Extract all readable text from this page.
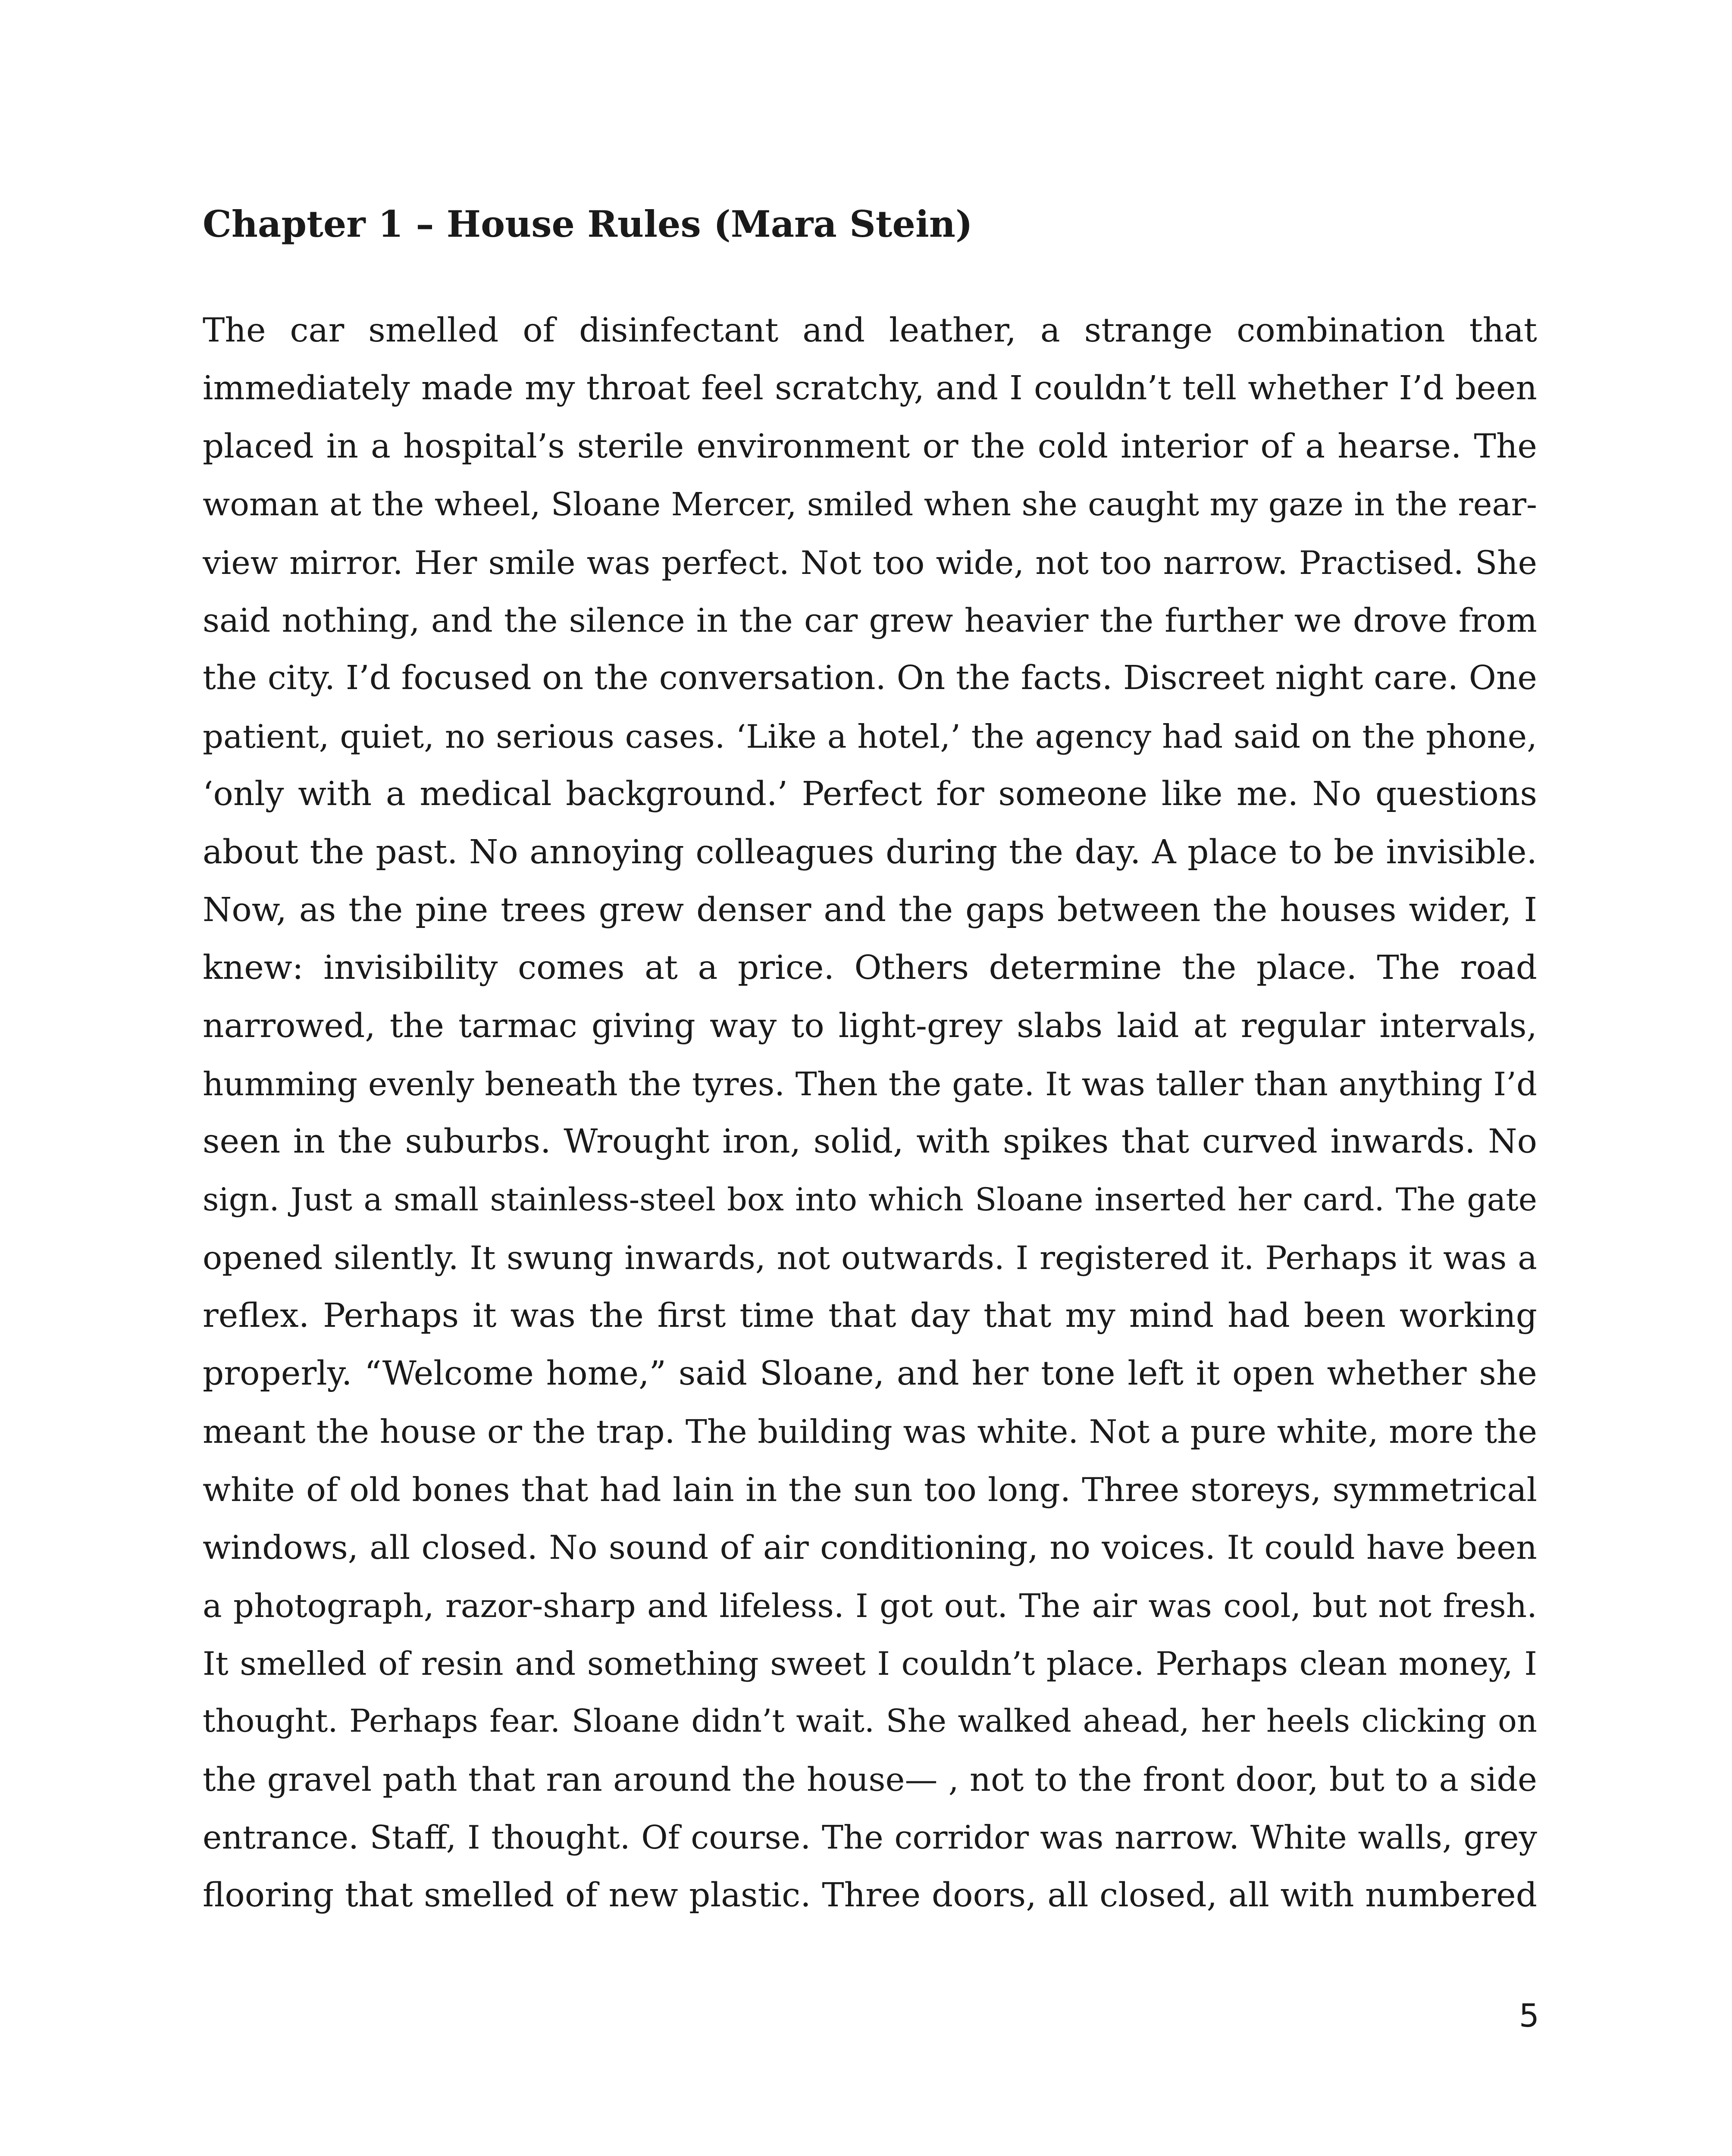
Chapter 1 – House Rules (Mara Stein)
The car smelled of disinfectant and leather, a strange combination that
immediately made my throat feel scratchy, and I couldn’t tell whether I’d been
placed in a hospital’s sterile environment or the cold interior of a hearse. The
woman at the wheel, Sloane Mercer, smiled when she caught my gaze in the rear-
view mirror. Her smile was perfect. Not too wide, not too narrow. Practised. She
said nothing, and the silence in the car grew heavier the further we drove from
the city. I’d focused on the conversation. On the facts. Discreet night care. One
patient, quiet, no serious cases. ‘Like a hotel,’ the agency had said on the phone,
‘only with a medical background.’ Perfect for someone like me. No questions
about the past. No annoying colleagues during the day. A place to be invisible.
Now, as the pine trees grew denser and the gaps between the houses wider, I
knew: invisibility comes at a price. Others determine the place. The road
narrowed, the tarmac giving way to light-grey slabs laid at regular intervals,
humming evenly beneath the tyres. Then the gate. It was taller than anything I’d
seen in the suburbs. Wrought iron, solid, with spikes that curved inwards. No
sign. Just a small stainless-steel box into which Sloane inserted her card. The gate
opened silently. It swung inwards, not outwards. I registered it. Perhaps it was a
reflex. Perhaps it was the first time that day that my mind had been working
properly. “Welcome home,” said Sloane, and her tone left it open whether she
meant the house or the trap. The building was white. Not a pure white, more the
white of old bones that had lain in the sun too long. Three storeys, symmetrical
windows, all closed. No sound of air conditioning, no voices. It could have been
a photograph, razor-sharp and lifeless. I got out. The air was cool, but not fresh.
It smelled of resin and something sweet I couldn’t place. Perhaps clean money, I
thought. Perhaps fear. Sloane didn’t wait. She walked ahead, her heels clicking on
the gravel path that ran around the house— , not to the front door, but to a side
entrance. Staff, I thought. Of course. The corridor was narrow. White walls, grey
flooring that smelled of new plastic. Three doors, all closed, all with numbered
5
